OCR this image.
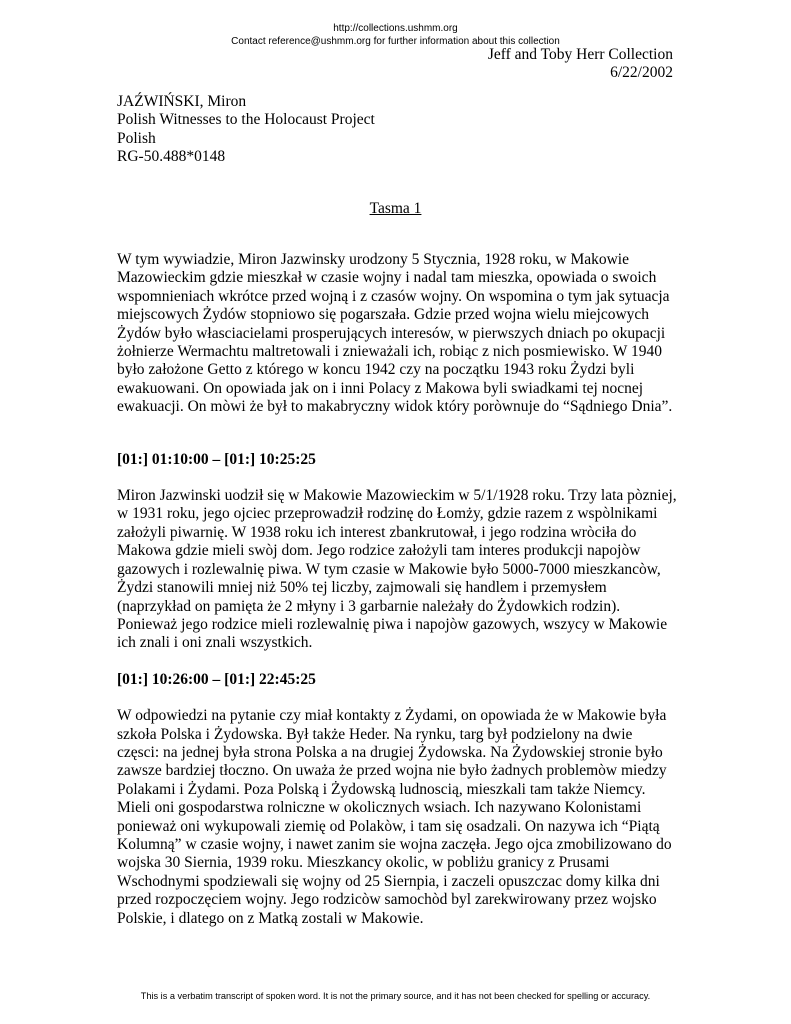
http://collections.ushmm.org
Contact reference@ushmm.org for further information about this collection
Jeff and Toby Herr Collection
6/22/2002
JAŹWIŃSKI, Miron
Polish Witnesses to the Holocaust Project
Polish
RG-50.488*0148
Tasma 1

W tym wywiadzie, Miron Jazwinsky urodzony 5 Stycznia, 1928 roku, w Makowie Mazowieckim gdzie mieszkał w czasie wojny i nadal tam mieszka, opowiada o swoich wspomnieniach wkrótce przed wojną i z czasów wojny. On wspomina o tym jak sytuacja miejscowych Żydów stopniowo się pogarszała. Gdzie przed wojna wielu miejcowych Żydów było własciacielami prosperujących interesów, w pierwszych dniach po okupacji żołnierze Wermachtu maltretowali i znieważali ich, robiąc z nich posmiewisko. W 1940 było założone Getto z którego w koncu 1942 czy na początku 1943 roku Żydzi byli ewakuowani. On opowiada jak on i inni Polacy z Makowa byli swiadkami tej nocnej ewakuacji. On mòwi że był to makabryczny widok który poròwnuje do “Sądniego Dnia”.

[01:] 01:10:00 – [01:] 10:25:25

Miron Jazwinski uodził się w Makowie Mazowieckim w 5/1/1928 roku. Trzy lata pòzniej, w 1931 roku, jego ojciec przeprowadził rodzinę do Łomży, gdzie razem z wspòlnikami założyli piwarnię. W 1938 roku ich interest zbankrutował, i jego rodzina wròciła do Makowa gdzie mieli swòj dom. Jego rodzice założyli tam interes produkcji napojòw gazowych i rozlewalnię piwa. W tym czasie w Makowie było 5000-7000 mieszkancòw, Żydzi stanowili mniej niż 50% tej liczby, zajmowali się handlem i przemysłem (naprzykład on pamięta że 2 młyny i 3 garbarnie należały do Żydowkich rodzin). Ponieważ jego rodzice mieli rozlewalnię piwa i napojòw gazowych, wszycy w Makowie ich znali i oni znali wszystkich.

[01:] 10:26:00 – [01:] 22:45:25

W odpowiedzi na pytanie czy miał kontakty z Żydami, on opowiada że w Makowie była szkoła Polska i Żydowska. Był także Heder. Na rynku, targ był podzielony na dwie częsci: na jednej była strona Polska a na drugiej Żydowska. Na Żydowskiej stronie było zawsze bardziej tłoczno. On uważa że przed wojna nie było żadnych problemòw miedzy Polakami i Żydami. Poza Polską i Żydowską ludnoscią, mieszkali tam także Niemcy. Mieli oni gospodarstwa rolniczne w okolicznych wsiach. Ich nazywano Kolonistami ponieważ oni wykupowali ziemię od Polakòw, i tam się osadzali. On nazywa ich “Piątą Kolumną” w czasie wojny, i nawet zanim sie wojna zaczęła. Jego ojca zmobilizowano do wojska 30 Siernia, 1939 roku. Mieszkancy okolic, w pobliżu granicy z Prusami Wschodnymi spodziewali się wojny od 25 Siernpia, i zaczeli opuszczac domy kilka dni przed rozpoczęciem wojny. Jego rodzicòw samochòd byl zarekwirowany przez wojsko Polskie, i dlatego on z Matką zostali w Makowie.

This is a verbatim transcript of spoken word. It is not the primary source, and it has not been checked for spelling or accuracy.
